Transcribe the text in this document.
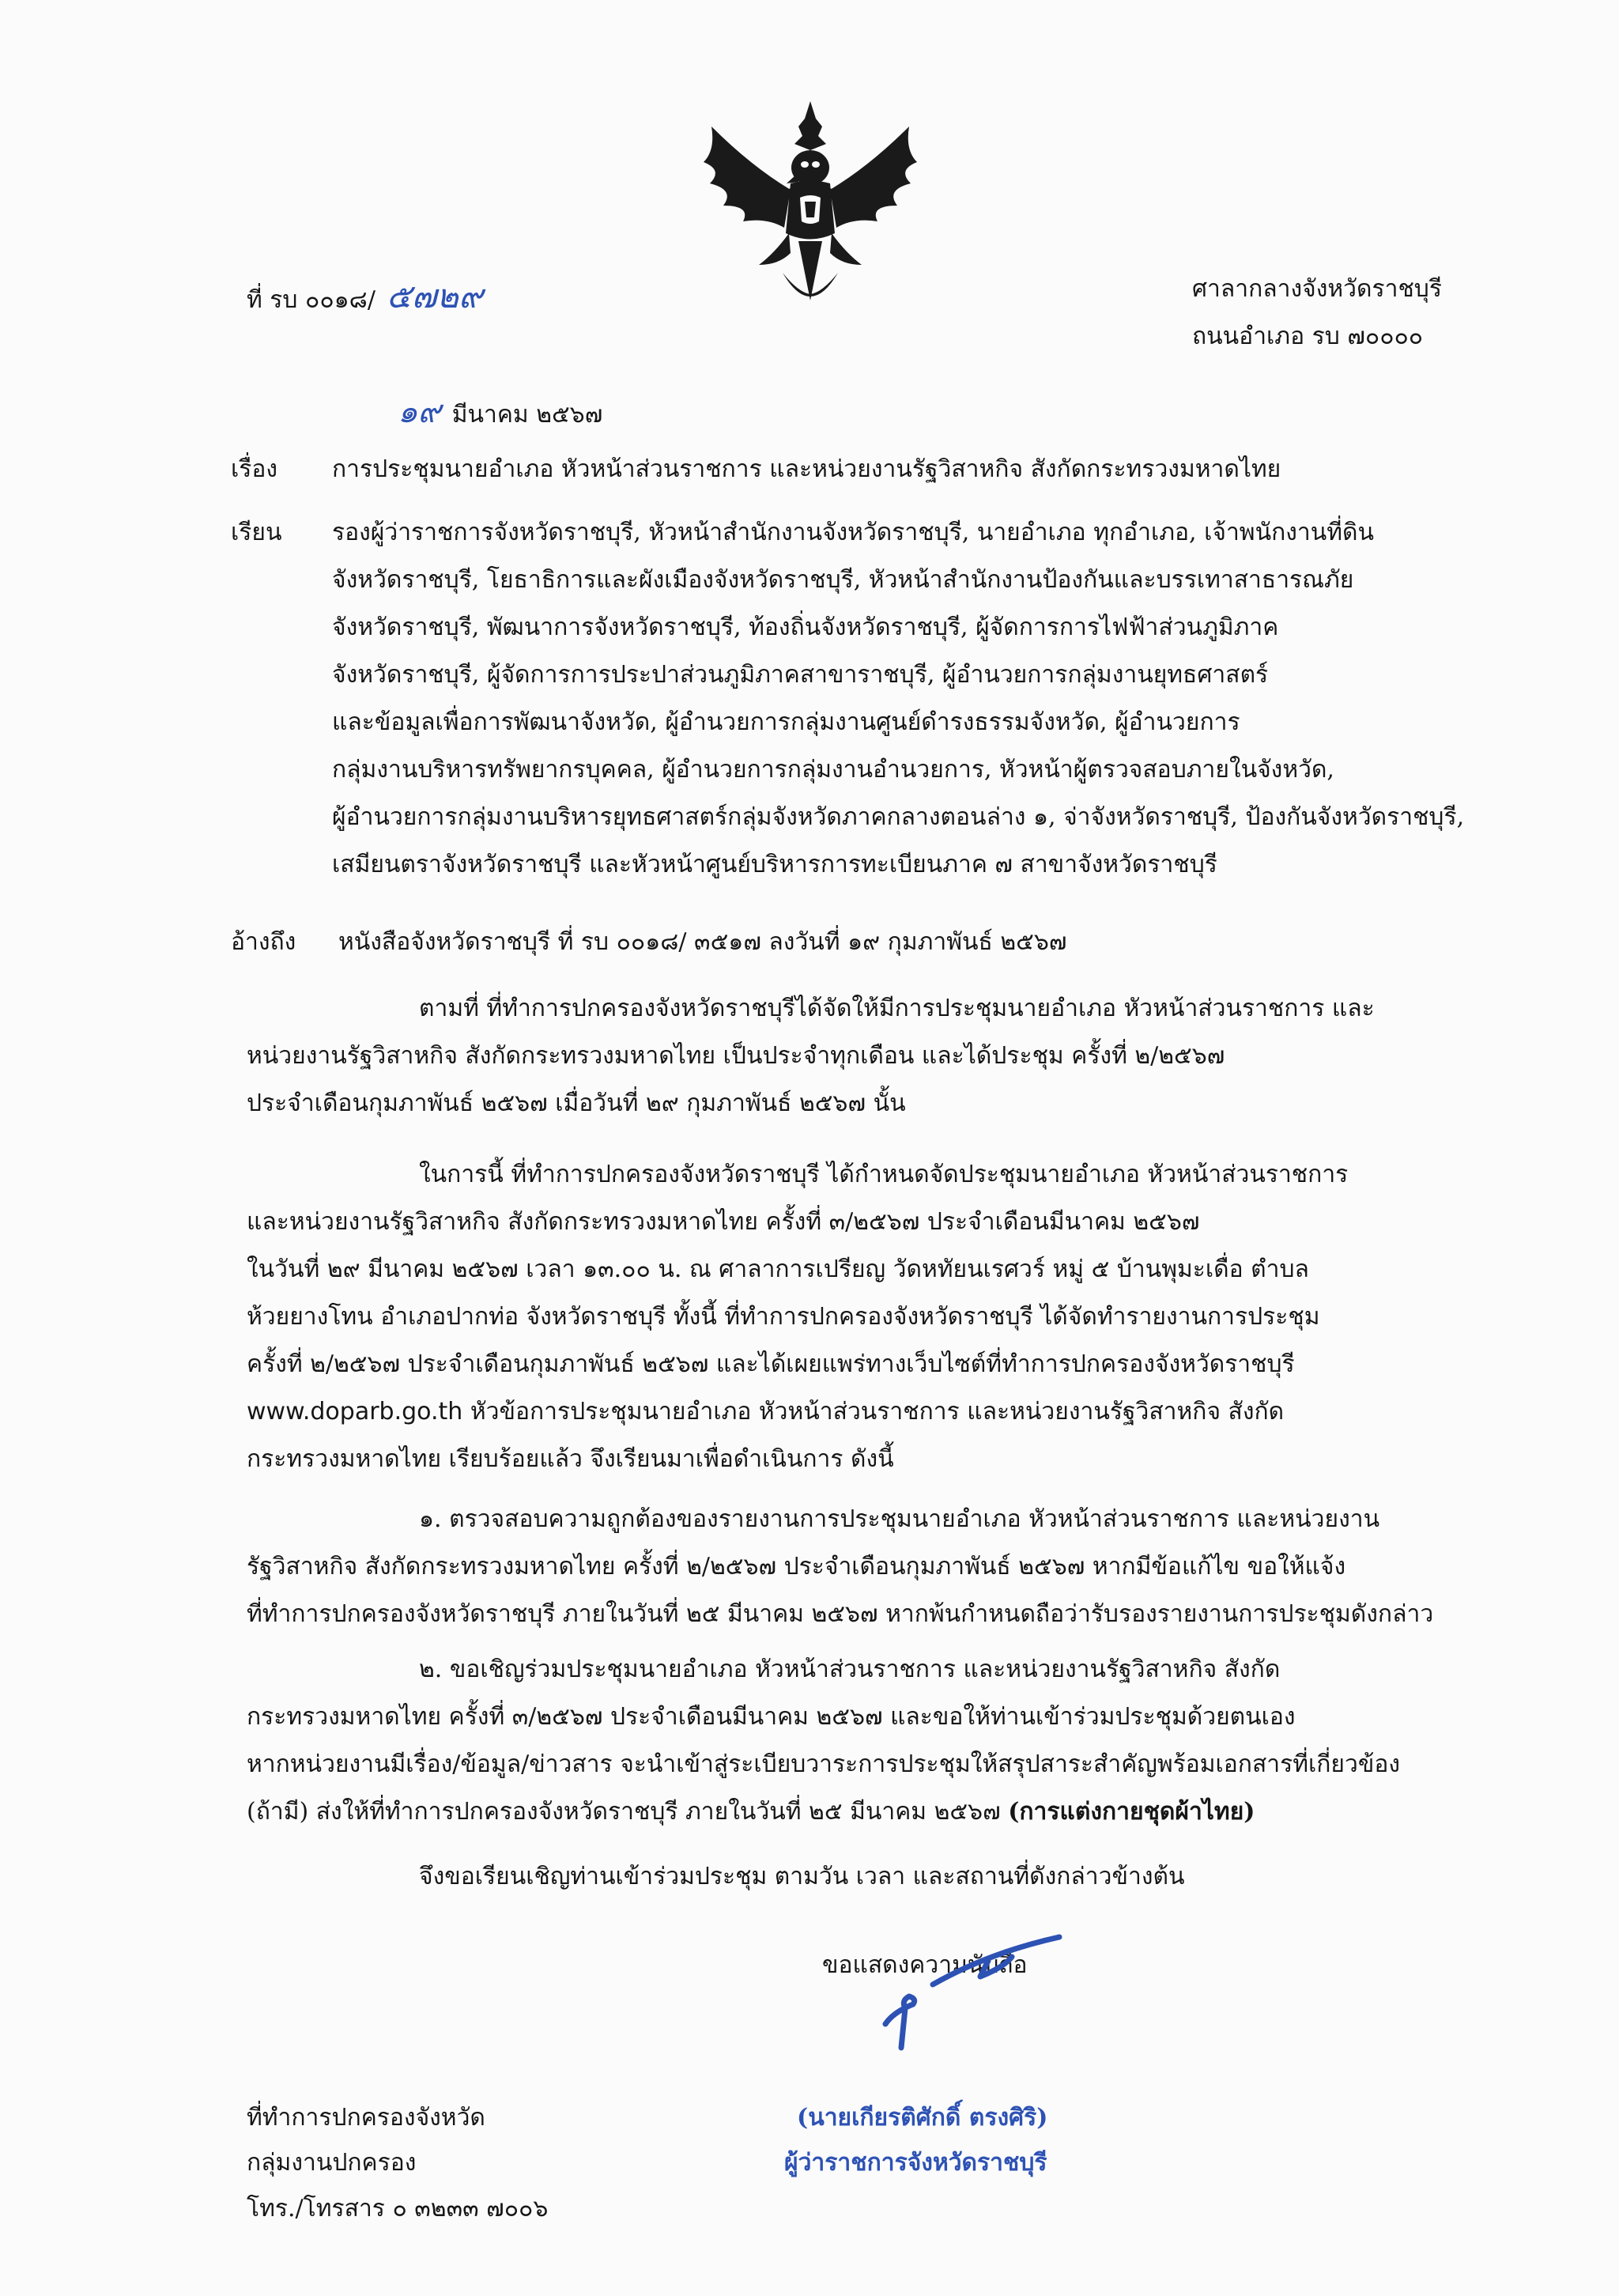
ที่ รบ ๐๐๑๘/ ๕๗๒๙	ศาลากลางจังหวัดราชบุรี
ถนนอำเภอ รบ ๗๐๐๐๐
๑๙ มีนาคม ๒๕๖๗
เรื่อง การประชุมนายอำเภอ หัวหน้าส่วนราชการ และหน่วยงานรัฐวิสาหกิจ สังกัดกระทรวงมหาดไทย
เรียน รองผู้ว่าราชการจังหวัดราชบุรี, หัวหน้าสำนักงานจังหวัดราชบุรี, นายอำเภอ ทุกอำเภอ, เจ้าพนักงานที่ดิน
จังหวัดราชบุรี, โยธาธิการและผังเมืองจังหวัดราชบุรี, หัวหน้าสำนักงานป้องกันและบรรเทาสาธารณภัย
จังหวัดราชบุรี, พัฒนาการจังหวัดราชบุรี, ท้องถิ่นจังหวัดราชบุรี, ผู้จัดการการไฟฟ้าส่วนภูมิภาค
จังหวัดราชบุรี, ผู้จัดการการประปาส่วนภูมิภาคสาขาราชบุรี, ผู้อำนวยการกลุ่มงานยุทธศาสตร์
และข้อมูลเพื่อการพัฒนาจังหวัด, ผู้อำนวยการกลุ่มงานศูนย์ดำรงธรรมจังหวัด, ผู้อำนวยการ
กลุ่มงานบริหารทรัพยากรบุคคล, ผู้อำนวยการกลุ่มงานอำนวยการ, หัวหน้าผู้ตรวจสอบภายในจังหวัด,
ผู้อำนวยการกลุ่มงานบริหารยุทธศาสตร์กลุ่มจังหวัดภาคกลางตอนล่าง ๑, จ่าจังหวัดราชบุรี, ป้องกันจังหวัดราชบุรี,
เสมียนตราจังหวัดราชบุรี และหัวหน้าศูนย์บริหารการทะเบียนภาค ๗ สาขาจังหวัดราชบุรี
อ้างถึง หนังสือจังหวัดราชบุรี ที่ รบ ๐๐๑๘/ ๓๕๑๗ ลงวันที่ ๑๙ กุมภาพันธ์ ๒๕๖๗
ตามที่ ที่ทำการปกครองจังหวัดราชบุรีได้จัดให้มีการประชุมนายอำเภอ หัวหน้าส่วนราชการ และ
หน่วยงานรัฐวิสาหกิจ สังกัดกระทรวงมหาดไทย เป็นประจำทุกเดือน และได้ประชุม ครั้งที่ ๒/๒๕๖๗
ประจำเดือนกุมภาพันธ์ ๒๕๖๗ เมื่อวันที่ ๒๙ กุมภาพันธ์ ๒๕๖๗ นั้น
ในการนี้ ที่ทำการปกครองจังหวัดราชบุรี ได้กำหนดจัดประชุมนายอำเภอ หัวหน้าส่วนราชการ
และหน่วยงานรัฐวิสาหกิจ สังกัดกระทรวงมหาดไทย ครั้งที่ ๓/๒๕๖๗ ประจำเดือนมีนาคม ๒๕๖๗
ในวันที่ ๒๙ มีนาคม ๒๕๖๗ เวลา ๑๓.๐๐ น. ณ ศาลาการเปรียญ วัดหทัยนเรศวร์ หมู่ ๕ บ้านพุมะเดื่อ ตำบล
ห้วยยางโทน อำเภอปากท่อ จังหวัดราชบุรี ทั้งนี้ ที่ทำการปกครองจังหวัดราชบุรี ได้จัดทำรายงานการประชุม
ครั้งที่ ๒/๒๕๖๗ ประจำเดือนกุมภาพันธ์ ๒๕๖๗ และได้เผยแพร่ทางเว็บไซต์ที่ทำการปกครองจังหวัดราชบุรี
www.doparb.go.th หัวข้อการประชุมนายอำเภอ หัวหน้าส่วนราชการ และหน่วยงานรัฐวิสาหกิจ สังกัด
กระทรวงมหาดไทย เรียบร้อยแล้ว จึงเรียนมาเพื่อดำเนินการ ดังนี้
๑. ตรวจสอบความถูกต้องของรายงานการประชุมนายอำเภอ หัวหน้าส่วนราชการ และหน่วยงาน
รัฐวิสาหกิจ สังกัดกระทรวงมหาดไทย ครั้งที่ ๒/๒๕๖๗ ประจำเดือนกุมภาพันธ์ ๒๕๖๗ หากมีข้อแก้ไข ขอให้แจ้ง
ที่ทำการปกครองจังหวัดราชบุรี ภายในวันที่ ๒๕ มีนาคม ๒๕๖๗ หากพ้นกำหนดถือว่ารับรองรายงานการประชุมดังกล่าว
๒. ขอเชิญร่วมประชุมนายอำเภอ หัวหน้าส่วนราชการ และหน่วยงานรัฐวิสาหกิจ สังกัด
กระทรวงมหาดไทย ครั้งที่ ๓/๒๕๖๗ ประจำเดือนมีนาคม ๒๕๖๗ และขอให้ท่านเข้าร่วมประชุมด้วยตนเอง
หากหน่วยงานมีเรื่อง/ข้อมูล/ข่าวสาร จะนำเข้าสู่ระเบียบวาระการประชุมให้สรุปสาระสำคัญพร้อมเอกสารที่เกี่ยวข้อง
(ถ้ามี) ส่งให้ที่ทำการปกครองจังหวัดราชบุรี ภายในวันที่ ๒๕ มีนาคม ๒๕๖๗ (การแต่งกายชุดผ้าไทย)
จึงขอเรียนเชิญท่านเข้าร่วมประชุม ตามวัน เวลา และสถานที่ดังกล่าวข้างต้น
ขอแสดงความนับถือ
(นายเกียรติศักดิ์ ตรงศิริ)
ผู้ว่าราชการจังหวัดราชบุรี
ที่ทำการปกครองจังหวัด
กลุ่มงานปกครอง
โทร./โทรสาร ๐ ๓๒๓๓ ๗๐๐๖
